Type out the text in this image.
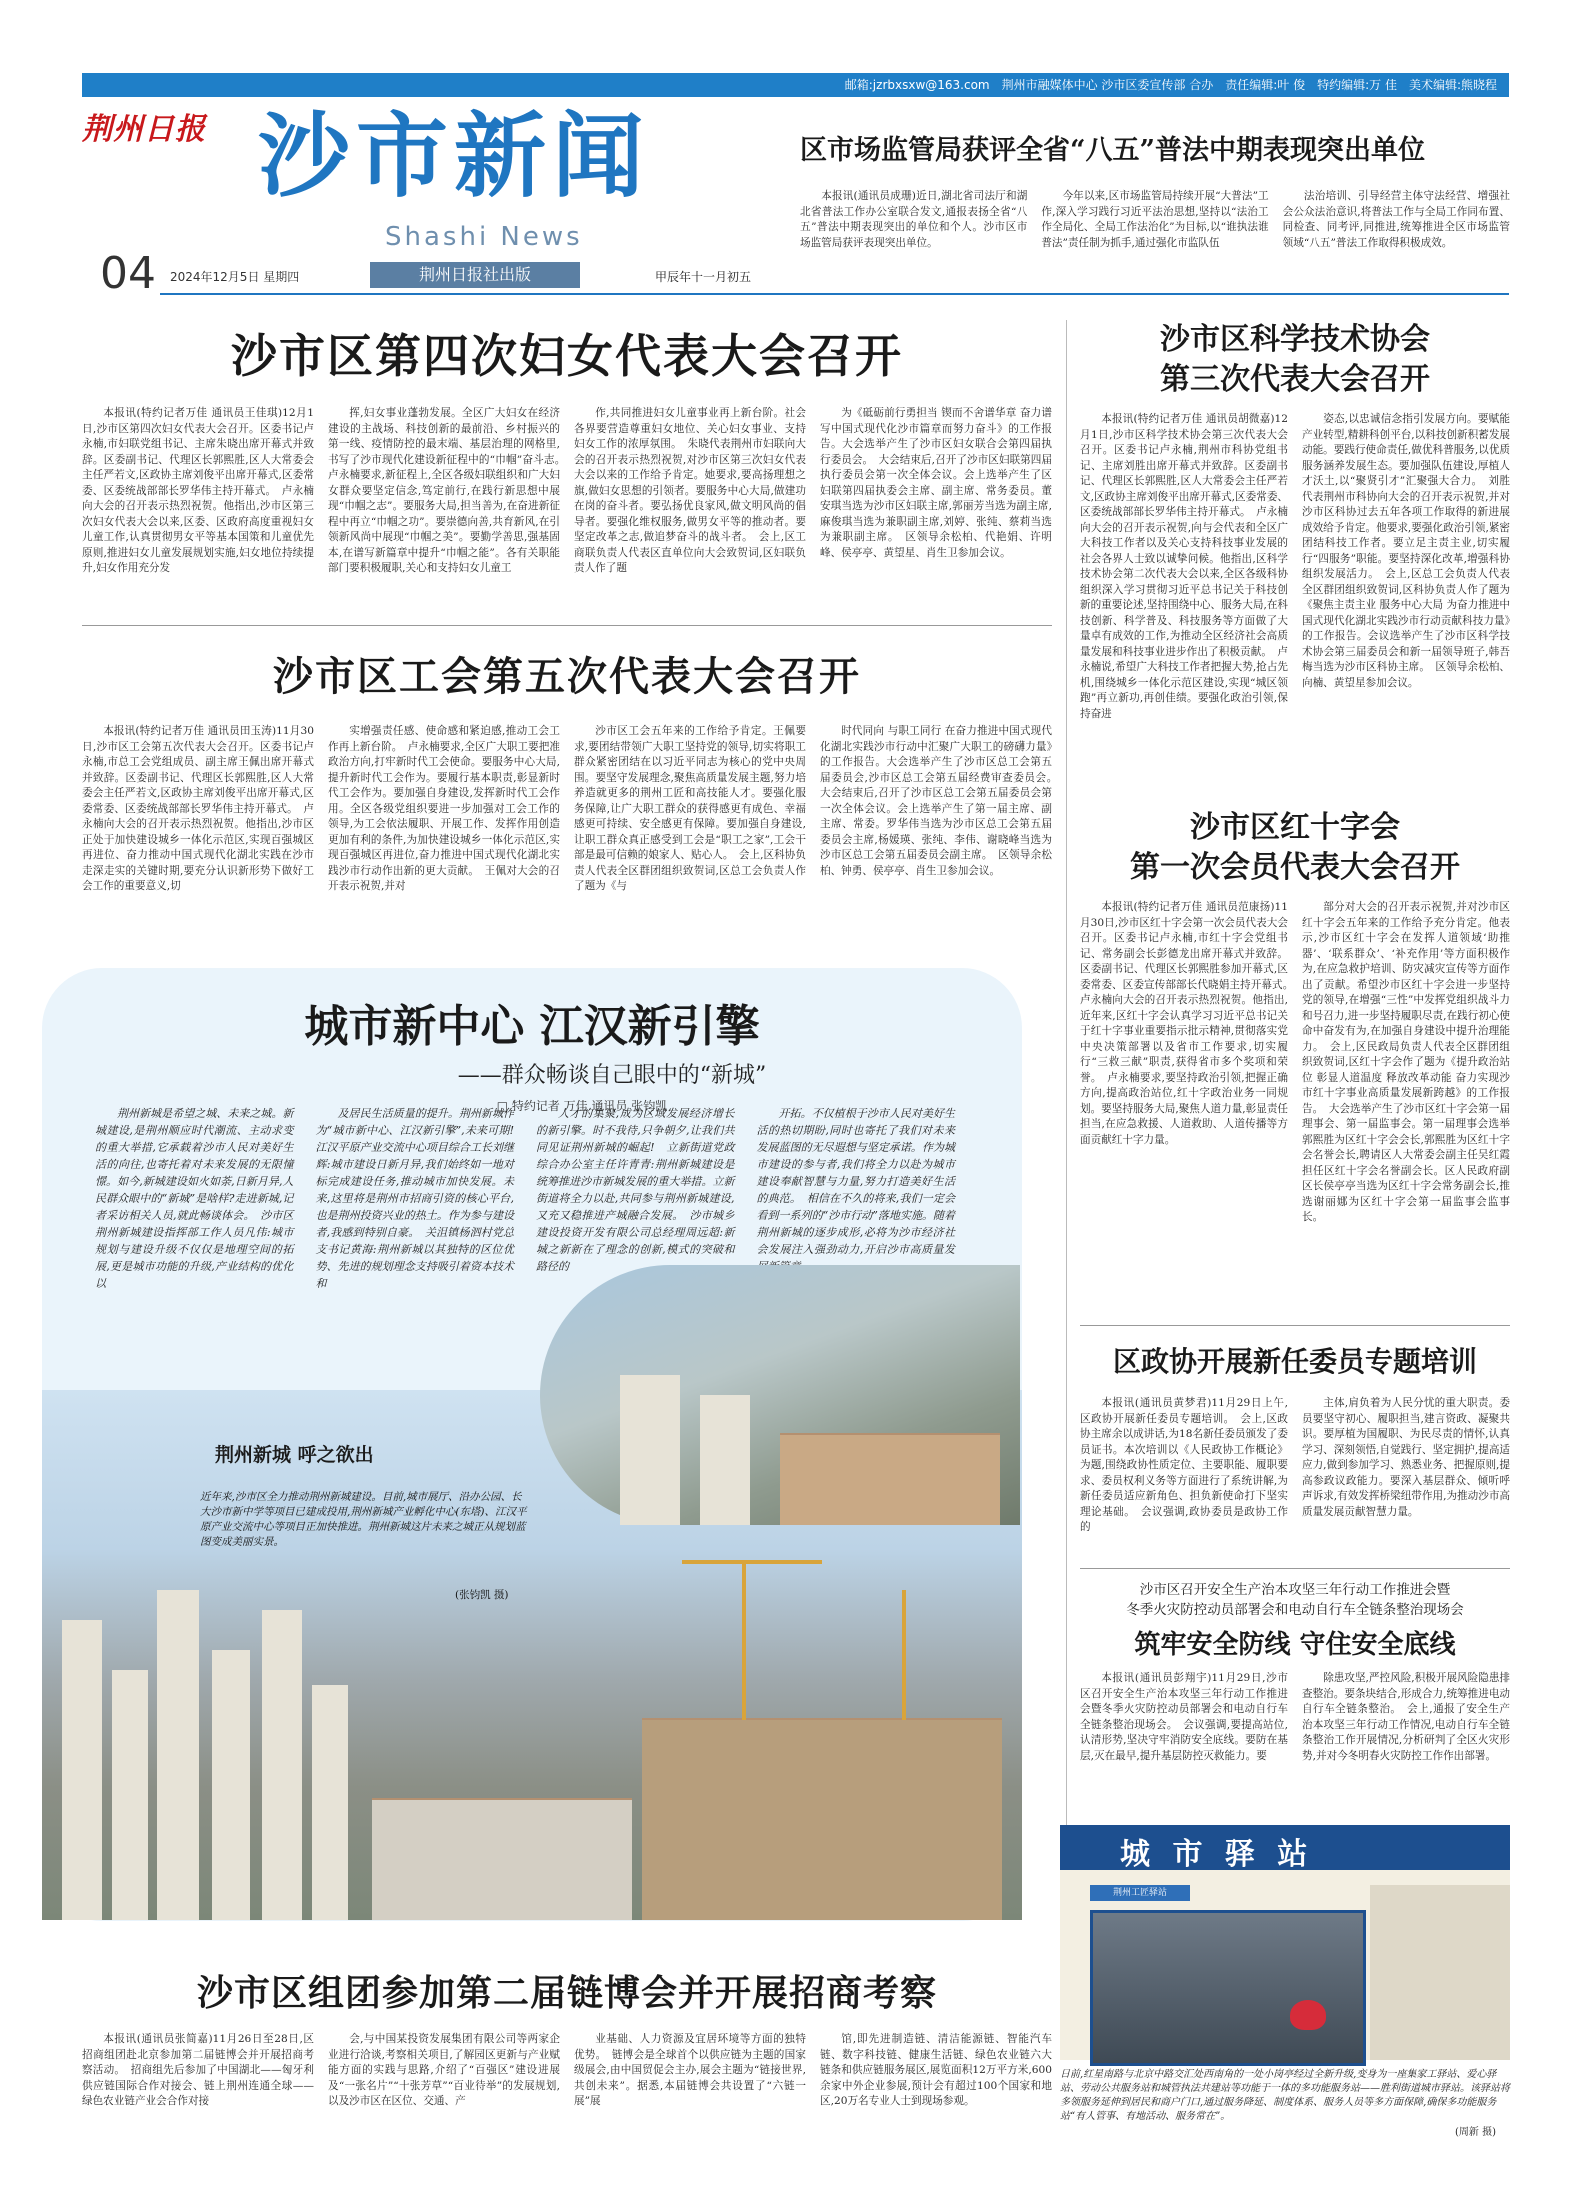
邮箱:jzrbxsxw@163.com　荆州市融媒体中心 沙市区委宣传部 合办　责任编辑:叶 俊　特约编辑:万 佳　美术编辑:熊晓程
荆州日报 沙市新闻
Shashi News
04 2024年12月5日 星期四	荆州日报社出版	甲辰年十一月初五
区市场监管局获评全省“八五”普法中期表现突出单位

本报讯(通讯员成珊)近日,湖北省司法厅和湖北省普法工作办公室联合发文,通报表扬全省“八五”普法中期表现突出的单位和个人。沙市区市场监管局获评表现突出单位。

今年以来,区市场监管局持续开展“大普法”工作,深入学习践行习近平法治思想,坚持以“法治工作全局化、全局工作法治化”为目标,以“谁执法谁普法”责任制为抓手,通过强化市监队伍

法治培训、引导经营主体守法经营、增强社会公众法治意识,将普法工作与全局工作同布置、同检查、同考评,同推进,统筹推进全区市场监管领域“八五”普法工作取得积极成效。

沙市区第四次妇女代表大会召开

本报讯(特约记者万佳 通讯员王佳琪)12月1日,沙市区第四次妇女代表大会召开。区委书记卢永楠,市妇联党组书记、主席朱晓出席开幕式并致辞。区委副书记、代理区长郭熙胜,区人大常委会主任严若文,区政协主席刘俊平出席开幕式,区委常委、区委统战部部长罗华伟主持开幕式。　卢永楠向大会的召开表示热烈祝贺。他指出,沙市区第三次妇女代表大会以来,区委、区政府高度重视妇女儿童工作,认真贯彻男女平等基本国策和儿童优先原则,推进妇女儿童发展规划实施,妇女地位持续提升,妇女作用充分发

挥,妇女事业蓬勃发展。全区广大妇女在经济建设的主战场、科技创新的最前沿、乡村振兴的第一线、疫情防控的最末端、基层治理的网格里,书写了沙市现代化建设新征程中的“巾帼”奋斗志。　卢永楠要求,新征程上,全区各级妇联组织和广大妇女群众要坚定信念,笃定前行,在践行新思想中展现“巾帼之志”。要服务大局,担当善为,在奋进新征程中再立“巾帼之功”。要崇德向善,共育新风,在引领新风尚中展现“巾帼之美”。要勤学善思,强基固本,在谱写新篇章中提升“巾帼之能”。各有关职能部门要积极履职,关心和支持妇女儿童工

作,共同推进妇女儿童事业再上新台阶。社会各界要营造尊重妇女地位、关心妇女事业、支持妇女工作的浓厚氛围。　朱晓代表荆州市妇联向大会的召开表示热烈祝贺,对沙市区第三次妇女代表大会以来的工作给予肯定。她要求,要高扬理想之旗,做妇女思想的引领者。要服务中心大局,做建功在岗的奋斗者。要弘扬优良家风,做文明风尚的倡导者。要强化维权服务,做男女平等的推动者。要坚定改革之志,做追梦奋斗的战斗者。　会上,区工商联负责人代表区直单位向大会致贺词,区妇联负责人作了题

为《砥砺前行勇担当 锲而不舍谱华章 奋力谱写中国式现代化沙市篇章而努力奋斗》的工作报告。大会选举产生了沙市区妇女联合会第四届执行委员会。　大会结束后,召开了沙市区妇联第四届执行委员会第一次全体会议。会上选举产生了区妇联第四届执委会主席、副主席、常务委员。董安琪当选为沙市区妇联主席,郭丽芳当选为副主席,麻俊琪当选为兼职副主席,刘婷、张纯、蔡莉当选为兼职副主席。　区领导余松柏、代艳娟、许明峰、侯亭亭、黄望星、肖生卫参加会议。

沙市区工会第五次代表大会召开

本报讯(特约记者万佳 通讯员田玉涛)11月30日,沙市区工会第五次代表大会召开。区委书记卢永楠,市总工会党组成员、副主席王佩出席开幕式并致辞。区委副书记、代理区长郭熙胜,区人大常委会主任严若文,区政协主席刘俊平出席开幕式,区委常委、区委统战部部长罗华伟主持开幕式。　卢永楠向大会的召开表示热烈祝贺。他指出,沙市区正处于加快建设城乡一体化示范区,实现百强城区再进位、奋力推动中国式现代化湖北实践在沙市走深走实的关键时期,要充分认识新形势下做好工会工作的重要意义,切

实增强责任感、使命感和紧迫感,推动工会工作再上新台阶。　卢永楠要求,全区广大职工要把准政治方向,打牢新时代工会使命。要服务中心大局,提升新时代工会作为。要履行基本职责,彰显新时代工会作为。要加强自身建设,发挥新时代工会作用。全区各级党组织要进一步加强对工会工作的领导,为工会依法履职、开展工作、发挥作用创造更加有利的条件,为加快建设城乡一体化示范区,实现百强城区再进位,奋力推进中国式现代化湖北实践沙市行动作出新的更大贡献。　王佩对大会的召开表示祝贺,并对

沙市区工会五年来的工作给予肯定。王佩要求,要团结带领广大职工坚持党的领导,切实将职工群众紧密团结在以习近平同志为核心的党中央周围。要坚守发展理念,聚焦高质量发展主题,努力培养造就更多的荆州工匠和高技能人才。要强化服务保障,让广大职工群众的获得感更有成色、幸福感更可持续、安全感更有保障。要加强自身建设,让职工群众真正感受到工会是“职工之家”,工会干部是最可信赖的娘家人、贴心人。　会上,区科协负责人代表全区群团组织致贺词,区总工会负责人作了题为《与

时代同向 与职工同行 在奋力推进中国式现代化湖北实践沙市行动中汇聚广大职工的磅礴力量》的工作报告。大会选举产生了沙市区总工会第五届委员会,沙市区总工会第五届经费审查委员会。　大会结束后,召开了沙市区总工会第五届委员会第一次全体会议。会上选举产生了第一届主席、副主席、常委。罗华伟当选为沙市区总工会第五届委员会主席,杨媛瑛、张纯、李伟、谢晓峰当选为沙市区总工会第五届委员会副主席。　区领导余松柏、钟勇、侯亭亭、肖生卫参加会议。

沙市区科学技术协会
第三次代表大会召开

本报讯(特约记者万佳 通讯员胡微嘉)12月1日,沙市区科学技术协会第三次代表大会召开。区委书记卢永楠,荆州市科协党组书记、主席刘胜出席开幕式并致辞。区委副书记、代理区长郭熙胜,区人大常委会主任严若文,区政协主席刘俊平出席开幕式,区委常委、区委统战部部长罗华伟主持开幕式。　卢永楠向大会的召开表示祝贺,向与会代表和全区广大科技工作者以及关心支持科技事业发展的社会各界人士致以诚挚问候。他指出,区科学技术协会第二次代表大会以来,全区各级科协组织深入学习贯彻习近平总书记关于科技创新的重要论述,坚持围绕中心、服务大局,在科技创新、科学普及、科技服务等方面做了大量卓有成效的工作,为推动全区经济社会高质量发展和科技事业进步作出了积极贡献。　卢永楠说,希望广大科技工作者把握大势,抢占先机,围绕城乡一体化示范区建设,实现“城区领跑”再立新功,再创佳绩。要强化政治引领,保持奋进

姿态,以忠诚信念指引发展方向。要赋能产业转型,精耕科创平台,以科技创新积蓄发展动能。要践行使命责任,做优科普服务,以优质服务涵养发展生态。要加强队伍建设,厚植人才沃土,以“聚贤引才”汇聚强大合力。　刘胜代表荆州市科协向大会的召开表示祝贺,并对沙市区科协过去五年各项工作取得的新进展成效给予肯定。他要求,要强化政治引领,紧密团结科技工作者。要立足主责主业,切实履行“四服务”职能。要坚持深化改革,增强科协组织发展活力。　会上,区总工会负责人代表全区群团组织致贺词,区科协负责人作了题为《聚焦主责主业 服务中心大局 为奋力推进中国式现代化湖北实践沙市行动贡献科技力量》的工作报告。会议选举产生了沙市区科学技术协会第三届委员会和新一届领导班子,韩吾梅当选为沙市区科协主席。　区领导余松柏、向楠、黄望星参加会议。

沙市区红十字会
第一次会员代表大会召开

本报讯(特约记者万佳 通讯员范康扬)11月30日,沙市区红十字会第一次会员代表大会召开。区委书记卢永楠,市红十字会党组书记、常务副会长彭德龙出席开幕式并致辞。区委副书记、代理区长郭熙胜参加开幕式,区委常委、区委宣传部部长代晓娟主持开幕式。　卢永楠向大会的召开表示热烈祝贺。他指出,近年来,区红十字会认真学习习近平总书记关于红十字事业重要指示批示精神,贯彻落实党中央决策部署以及省市工作要求,切实履行“三救三献”职责,获得省市多个奖项和荣誉。　卢永楠要求,要坚持政治引领,把握正确方向,提高政治站位,红十字政治业务一同规划。要坚持服务大局,聚焦人道力量,彰显责任担当,在应急救援、人道救助、人道传播等方面贡献红十字力量。

部分对大会的召开表示祝贺,并对沙市区红十字会五年来的工作给予充分肯定。他表示,沙市区红十字会在发挥人道领域‘助推器’、‘联系群众’、‘补充作用’等方面积极作为,在应急救护培训、防灾减灾宣传等方面作出了贡献。希望沙市区红十字会进一步坚持党的领导,在增强“三性”中发挥党组织战斗力和号召力,进一步坚持履职尽责,在践行初心使命中奋发有为,在加强自身建设中提升治理能力。　会上,区民政局负责人代表全区群团组织致贺词,区红十字会作了题为《提升政治站位 彰显人道温度 释放改革动能 奋力实现沙市红十字事业高质量发展新跨越》的工作报告。　大会选举产生了沙市区红十字会第一届理事会、第一届监事会。第一届理事会选举郭熙胜为区红十字会会长,郭熙胜为区红十字会名誉会长,聘请区人大常委会副主任吴红霞担任区红十字会名誉副会长。区人民政府副区长侯亭亭当选为区红十字会常务副会长,推选谢丽娜为区红十字会第一届监事会监事长。

区政协开展新任委员专题培训

本报讯(通讯员黄梦君)11月29日上午,区政协开展新任委员专题培训。　会上,区政协主席余以成讲话,为18名新任委员颁发了委员证书。本次培训以《人民政协工作概论》为题,围绕政协性质定位、主要职能、履职要求、委员权利义务等方面进行了系统讲解,为新任委员适应新角色、担负新使命打下坚实理论基础。　会议强调,政协委员是政协工作的

主体,肩负着为人民分忧的重大职责。委员要坚守初心、履职担当,建言资政、凝聚共识。要厚植为国履职、为民尽责的情怀,认真学习、深刻领悟,自觉践行、坚定拥护,提高适应力,做到参加学习、熟悉业务、把握原则,提高参政议政能力。要深入基层群众、倾听呼声诉求,有效发挥桥梁纽带作用,为推动沙市高质量发展贡献智慧力量。

沙市区召开安全生产治本攻坚三年行动工作推进会暨
冬季火灾防控动员部署会和电动自行车全链条整治现场会
筑牢安全防线 守住安全底线

本报讯(通讯员彭翔宇)11月29日,沙市区召开安全生产治本攻坚三年行动工作推进会暨冬季火灾防控动员部署会和电动自行车全链条整治现场会。　会议强调,要提高站位,认清形势,坚决守牢消防安全底线。要防在基层,灭在最早,提升基层防控灭救能力。要

除患攻坚,严控风险,积极开展风险隐患排查整治。要条块结合,形成合力,统筹推进电动自行车全链条整治。　会上,通报了安全生产治本攻坚三年行动工作情况,电动自行车全链条整治工作开展情况,分析研判了全区火灾形势,并对今冬明春火灾防控工作作出部署。

城市新中心 江汉新引擎
——群众畅谈自己眼中的“新城”
□ 特约记者 万佳 通讯员 张钧凯

荆州新城是希望之城、未来之城。新城建设,是荆州顺应时代潮流、主动求变的重大举措,它承载着沙市人民对美好生活的向往,也寄托着对未来发展的无限憧憬。如今,新城建设如火如荼,日新月异,人民群众眼中的“新城”是啥样?走进新城,记者采访相关人员,就此畅谈体会。　沙市区荆州新城建设指挥部工作人员凡伟:城市规划与建设升级不仅仅是地理空间的拓展,更是城市功能的升级,产业结构的优化以

及居民生活质量的提升。荆州新城作为“城市新中心、江汉新引擎”,未来可期!　江汉平原产业交流中心项目综合工长刘继辉:城市建设日新月异,我们始终如一地对标完成建设任务,推动城市加快发展。未来,这里将是荆州市招商引资的核心平台,也是荆州投资兴业的热土。作为参与建设者,我感到特别自豪。　关沮镇杨泗村党总支书记黄海:荆州新城以其独特的区位优势、先进的规划理念支持吸引着资本技术和

人才的集聚,成为区域发展经济增长的新引擎。时不我待,只争朝夕,让我们共同见证荆州新城的崛起!　立新街道党政综合办公室主任许青青:荆州新城建设是统筹推进沙市新城发展的重大举措。立新街道将全力以赴,共同参与荆州新城建设,又充又稳推进产城融合发展。　沙市城乡建设投资开发有限公司总经理周远超:新城之新新在了理念的创新,模式的突破和路径的

开拓。不仅植根于沙市人民对美好生活的热切期盼,同时也寄托了我们对未来发展蓝图的无尽遐想与坚定承诺。作为城市建设的参与者,我们将全力以赴为城市建设奉献智慧与力量,努力打造美好生活的典范。　相信在不久的将来,我们一定会看到一系列的“沙市行动”落地实施。随着荆州新城的逐步成形,必将为沙市经济社会发展注入强劲动力,开启沙市高质量发

荆州新城 呼之欲出
近年来,沙市区全力推动荆州新城建设。目前,城市展厅、沿办公园、长大沙市新中学等项目已建成投用,荆州新城产业孵化中心(东塔)、江汉平原产业交流中心等项目正加快推进。荆州新城这片未来之城正从规划蓝图变成美丽实景。
(张钧凯 摄)
沙市区组团参加第二届链博会并开展招商考察

本报讯(通讯员张简嘉)11月26日至28日,区招商组团赴北京参加第二届链博会并开展招商考察活动。　招商组先后参加了中国湖北——匈牙利供应链国际合作对接会、链上荆州连通全球——绿色农业链产业会合作对接

会,与中国某投资发展集团有限公司等两家企业进行洽谈,考察相关项目,了解园区更新与产业赋能方面的实践与思路,介绍了“百强区”建设进展及“一张名片”“十张芳草”“百业待举”的发展规划,以及沙市区在区位、交通、产

业基础、人力资源及宜居环境等方面的独特优势。　链博会是全球首个以供应链为主题的国家级展会,由中国贸促会主办,展会主题为“链接世界,共创未来”。据悉,本届链博会共设置了“六链一展”展

馆,即先进制造链、清洁能源链、智能汽车链、数字科技链、健康生活链、绿色农业链六大链条和供应链服务展区,展览面积12万平方米,600余家中外企业参展,预计会有超过100个国家和地区,20万名专业人士到现场参观。

城 市 驿 站
荆州工匠驿站
日前,红星南路与北京中路交汇处西南角的一处小岗亭经过全新升级,变身为一座集家工驿站、爱心驿站、劳动公共服务站和城管执法共建站等功能于一体的多功能服务站——胜利街道城市驿站。该驿站将多领服务延伸到居民和商户门口,通过服务降延、制度体系、服务人员等多方面保障,确保多功能服务站“有人管事、有地活动、服务常在”。
(周新 摄)
